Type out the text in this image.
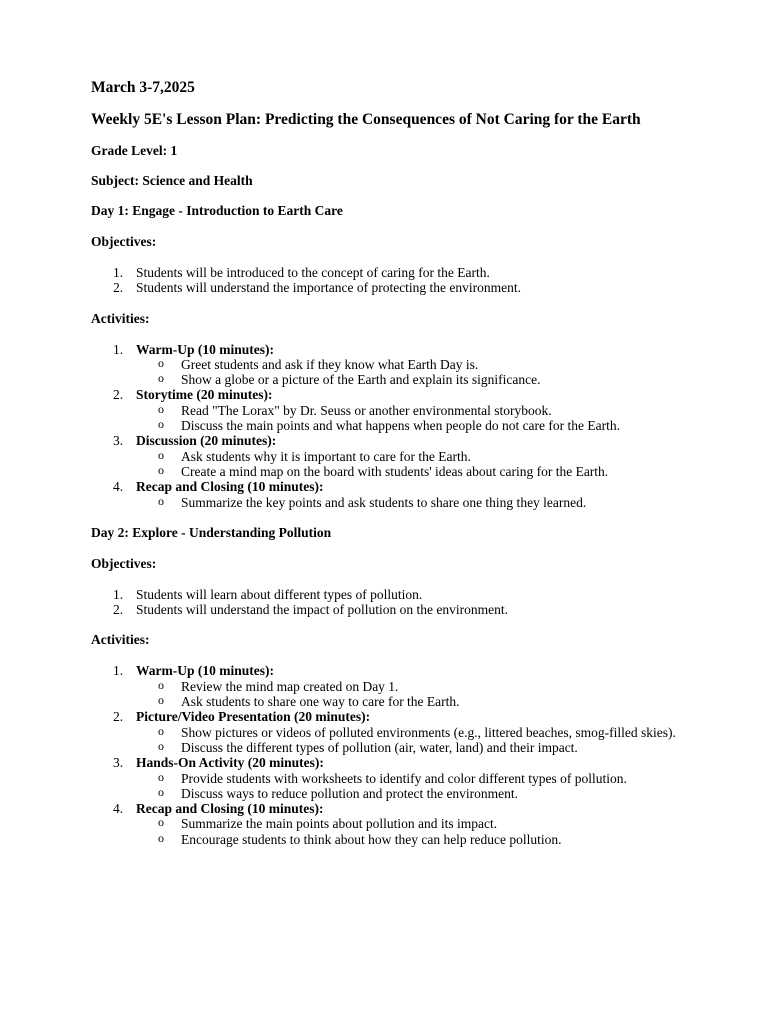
March 3-7,2025

Weekly 5E's Lesson Plan: Predicting the Consequences of Not Caring for the Earth

Grade Level: 1

Subject: Science and Health

Day 1: Engage - Introduction to Earth Care

Objectives:

1. Students will be introduced to the concept of caring for the Earth.
2. Students will understand the importance of protecting the environment.

Activities:

1. Warm-Up (10 minutes):
o Greet students and ask if they know what Earth Day is.
o Show a globe or a picture of the Earth and explain its significance.
2. Storytime (20 minutes):
o Read "The Lorax" by Dr. Seuss or another environmental storybook.
o Discuss the main points and what happens when people do not care for the Earth.
3. Discussion (20 minutes):
o Ask students why it is important to care for the Earth.
o Create a mind map on the board with students' ideas about caring for the Earth.
4. Recap and Closing (10 minutes):
o Summarize the key points and ask students to share one thing they learned.

Day 2: Explore - Understanding Pollution

Objectives:

1. Students will learn about different types of pollution.
2. Students will understand the impact of pollution on the environment.

Activities:

1. Warm-Up (10 minutes):
o Review the mind map created on Day 1.
o Ask students to share one way to care for the Earth.
2. Picture/Video Presentation (20 minutes):
o Show pictures or videos of polluted environments (e.g., littered beaches, smog-filled skies).
o Discuss the different types of pollution (air, water, land) and their impact.
3. Hands-On Activity (20 minutes):
o Provide students with worksheets to identify and color different types of pollution.
o Discuss ways to reduce pollution and protect the environment.
4. Recap and Closing (10 minutes):
o Summarize the main points about pollution and its impact.
o Encourage students to think about how they can help reduce pollution.
